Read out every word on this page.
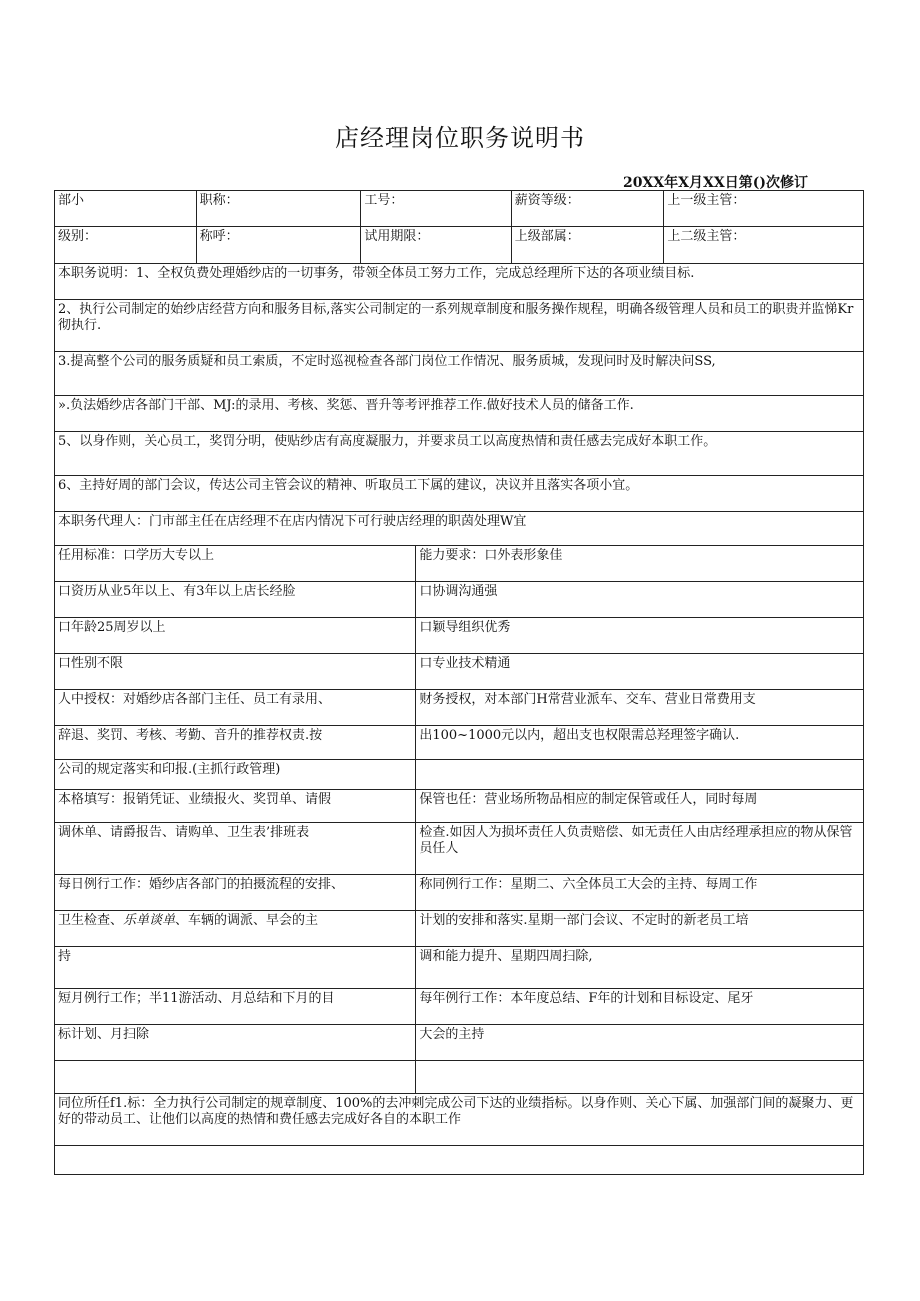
店经理岗位职务说明书
20XX年X月XX日第()次修订
部小	职称：	工号：	薪资等级：	上一级主管：
级别：	称呼：	试用期限：	上级部属：	上二级主管：
本职务说明：1、全权负费处理婚纱店的一切事务，带领全体员工努力工作，完成总经理所下达的各项业绩目标.
2、执行公司制定的始纱店经营方向和服务目标,落实公司制定的一系列规章制度和服务操作规程，明确各级管理人员和员工的职贵并监悌Kr彻执行.
3.提高整个公司的服务质疑和员工索质，不定时巡视检查各部门岗位工作情况、服务质城，发现问时及时解决问SS,
».负法婚纱店各部门干部、MJ:的录用、考核、奖惩、晋升等考评推荐工作.做好技术人员的储备工作.
5、以身作则，关心员工，奖罚分明，使贴纱店有高度凝服力，并要求员工以高度热情和责任感去完成好本职工作。
6、主持好周的部门会议，传达公司主管会议的精神、听取员工下属的建议，决议并且落实各项小宜。
本职务代理人：门市部主任在店经理不在店内情况下可行驶店经理的职茵处理W宜
任用标准：口学历大专以上	能力要求：口外表形象佳
口资历从业5年以上、有3年以上店长经脸	口协调沟通强
口年龄25周岁以上	口颖导组织优秀
口性别不限	口专业技术精通
人中授权：对婚纱店各部门主任、员工有录用、	财务授权，对本部门H常营业派车、交车、营业日常费用支
辞退、奖罚、考核、考勤、音升的推荐权责.按	出100~1000元以内，超出支也权限需总羟理签字确认.
公司的规定落实和印报.(主抓行政管理)
本格填写：报销凭证、业绩报火、奖罚单、请假	保管也任：营业场所物品相应的制定保管或任人，同时每周
调休单、请爵报告、请购单、卫生表’排班表	检查.如因人为损坏责任人负责赔偿、如无责任人由店经理承担应的物从保管员任人
每日例行工作：婚纱店各部门的拍摄流程的安排、	称同例行工作：星期二、六全体员工大会的主持、每周工作
卫生检查、乐单谈单、车辆的调派、早会的主	计划的安排和落实.星期一部门会议、不定时的新老员工培
持	调和能力提升、星期四周扫除,
短月例行工作；半11游活动、月总结和下月的目	每年例行工作：本年度总结、F年的计划和目标设定、尾牙
标计划、月扫除	大会的主持
同位所任f1.标：全力执行公司制定的规章制度、100%的去冲刺完成公司下达的业绩指标。以身作则、关心下属、加强部门间的凝聚力、更好的带动员工、让他们以高度的热情和费任感去完成好各自的本职工作
